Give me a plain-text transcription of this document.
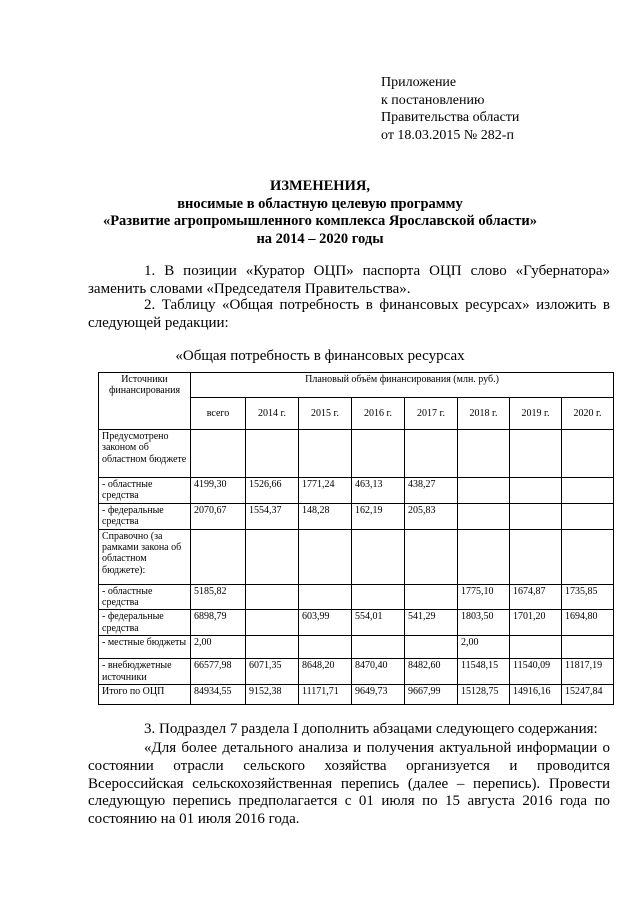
Приложение
к постановлению
Правительства области
от 18.03.2015 № 282-п
ИЗМЕНЕНИЯ,
вносимые в областную целевую программу
«Развитие агропромышленного комплекса Ярославской области»
на 2014 – 2020 годы
1. В позиции «Куратор ОЦП» паспорта ОЦП слово «Губернатора» заменить словами «Председателя Правительства».
2. Таблицу «Общая потребность в финансовых ресурсах» изложить в следующей редакции:
«Общая потребность в финансовых ресурсах
Источники финансирования	Плановый объём финансирования (млн. руб.)							
	всего	2014 г.	2015 г.	2016 г.	2017 г.	2018 г.	2019 г.	2020 г.
Предусмотрено законом об областном бюджете								
- областные средства	4199,30	1526,66	1771,24	463,13	438,27			
- федеральные средства	2070,67	1554,37	148,28	162,19	205,83			
Справочно (за рамками закона об областном бюджете):								
- областные средства	5185,82					1775,10	1674,87	1735,85
- федеральные средства	6898,79		603,99	554,01	541,29	1803,50	1701,20	1694,80
- местные бюджеты	2,00					2,00		
- внебюджетные источники	66577,98	6071,35	8648,20	8470,40	8482,60	11548,15	11540,09	11817,19
Итого по ОЦП	84934,55	9152,38	11171,71	9649,73	9667,99	15128,75	14916,16	15247,84
3. Подраздел 7 раздела I дополнить абзацами следующего содержания:
«Для более детального анализа и получения актуальной информации о состоянии отрасли сельского хозяйства организуется и проводится Всероссийская сельскохозяйственная перепись (далее – перепись). Провести следующую перепись предполагается с 01 июля по 15 августа 2016 года по состоянию на 01 июля 2016 года.
